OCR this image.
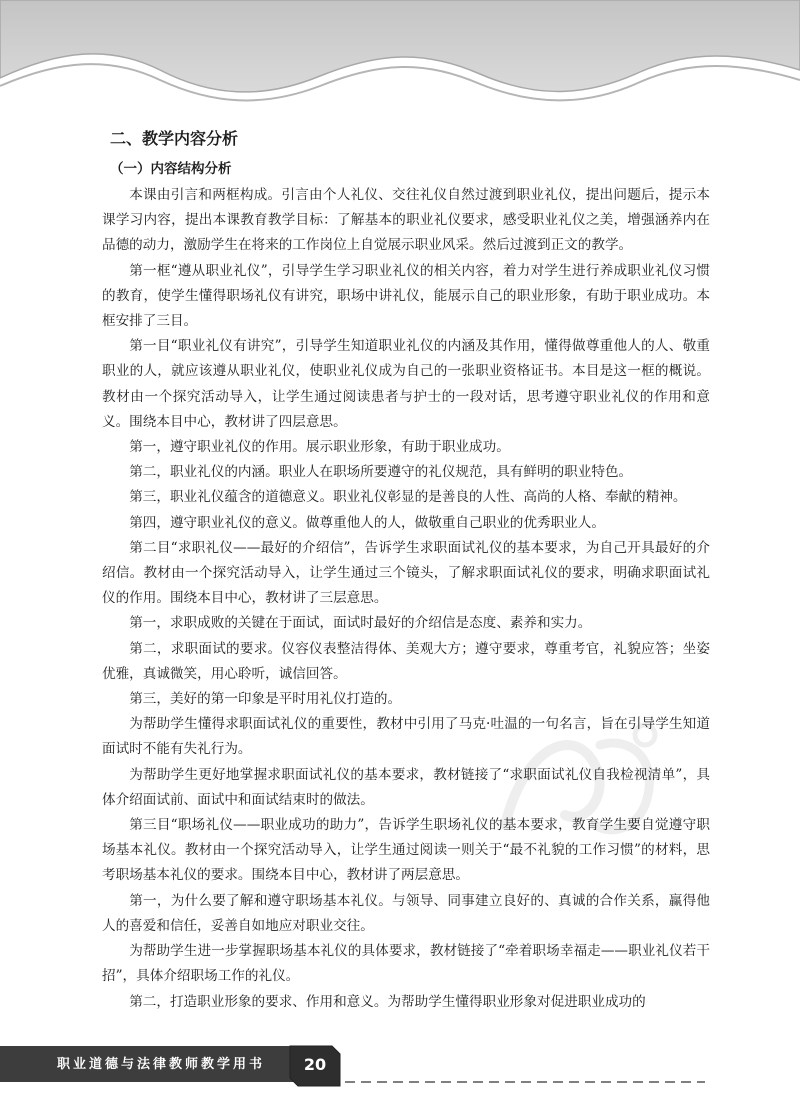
二、教学内容分析
（一）内容结构分析

本课由引言和两框构成。引言由个人礼仪、交往礼仪自然过渡到职业礼仪，提出问题后，提示本课学习内容，提出本课教育教学目标：了解基本的职业礼仪要求，感受职业礼仪之美，增强涵养内在品德的动力，激励学生在将来的工作岗位上自觉展示职业风采。然后过渡到正文的教学。

第一框“遵从职业礼仪”，引导学生学习职业礼仪的相关内容，着力对学生进行养成职业礼仪习惯的教育，使学生懂得职场礼仪有讲究，职场中讲礼仪，能展示自己的职业形象，有助于职业成功。本框安排了三目。

第一目“职业礼仪有讲究”，引导学生知道职业礼仪的内涵及其作用，懂得做尊重他人的人、敬重职业的人，就应该遵从职业礼仪，使职业礼仪成为自己的一张职业资格证书。本目是这一框的概说。教材由一个探究活动导入，让学生通过阅读患者与护士的一段对话，思考遵守职业礼仪的作用和意义。围绕本目中心，教材讲了四层意思。

第一，遵守职业礼仪的作用。展示职业形象，有助于职业成功。

第二，职业礼仪的内涵。职业人在职场所要遵守的礼仪规范，具有鲜明的职业特色。

第三，职业礼仪蕴含的道德意义。职业礼仪彰显的是善良的人性、高尚的人格、奉献的精神。

第四，遵守职业礼仪的意义。做尊重他人的人，做敬重自己职业的优秀职业人。

第二目“求职礼仪——最好的介绍信”，告诉学生求职面试礼仪的基本要求，为自己开具最好的介绍信。教材由一个探究活动导入，让学生通过三个镜头，了解求职面试礼仪的要求，明确求职面试礼仪的作用。围绕本目中心，教材讲了三层意思。

第一，求职成败的关键在于面试，面试时最好的介绍信是态度、素养和实力。

第二，求职面试的要求。仪容仪表整洁得体、美观大方；遵守要求，尊重考官，礼貌应答；坐姿优雅，真诚微笑，用心聆听，诚信回答。

第三，美好的第一印象是平时用礼仪打造的。

为帮助学生懂得求职面试礼仪的重要性，教材中引用了马克·吐温的一句名言，旨在引导学生知道面试时不能有失礼行为。

为帮助学生更好地掌握求职面试礼仪的基本要求，教材链接了“求职面试礼仪自我检视清单”，具体介绍面试前、面试中和面试结束时的做法。

第三目“职场礼仪——职业成功的助力”，告诉学生职场礼仪的基本要求，教育学生要自觉遵守职场基本礼仪。教材由一个探究活动导入，让学生通过阅读一则关于“最不礼貌的工作习惯”的材料，思考职场基本礼仪的要求。围绕本目中心，教材讲了两层意思。

第一，为什么要了解和遵守职场基本礼仪。与领导、同事建立良好的、真诚的合作关系，赢得他人的喜爱和信任，妥善自如地应对职业交往。

为帮助学生进一步掌握职场基本礼仪的具体要求，教材链接了“牵着职场幸福走——职业礼仪若干招”，具体介绍职场工作的礼仪。

第二，打造职业形象的要求、作用和意义。为帮助学生懂得职业形象对促进职业成功的

职业道德与法律教师教学用书	20
